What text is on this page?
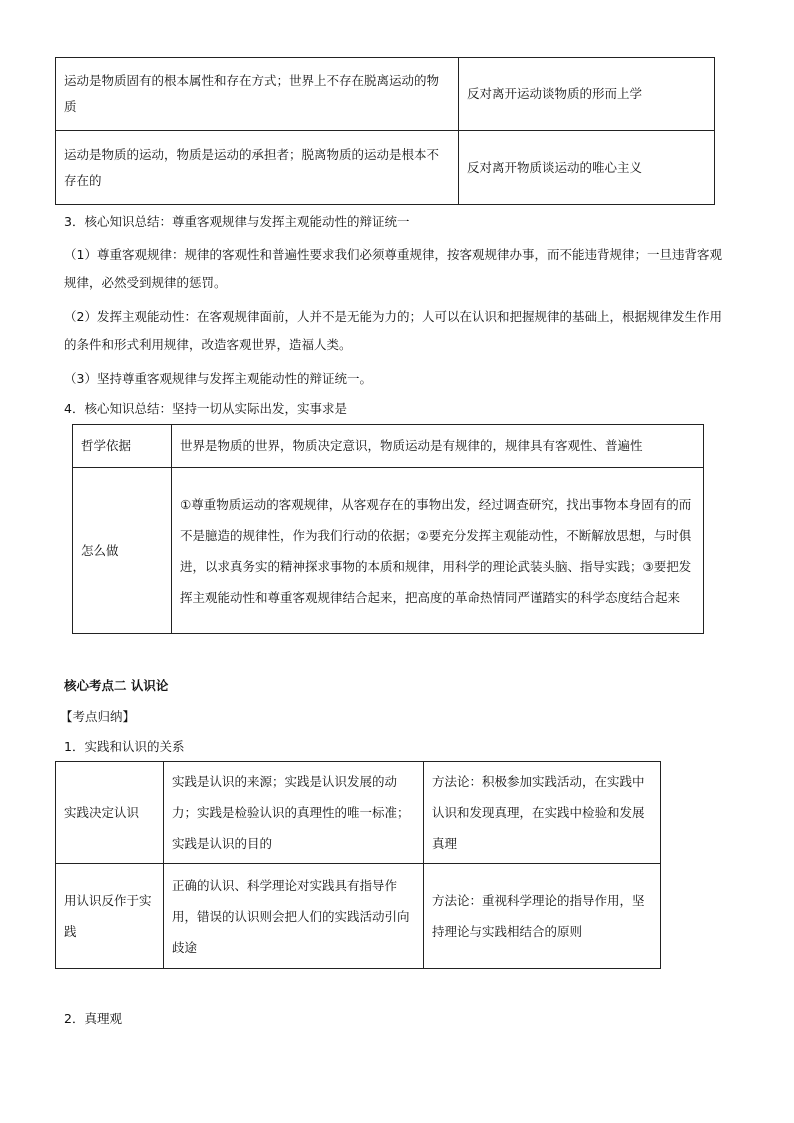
运动是物质固有的根本属性和存在方式；世界上不存在脱离运动的物质	反对离开运动谈物质的形而上学
运动是物质的运动，物质是运动的承担者；脱离物质的运动是根本不存在的	反对离开物质谈运动的唯心主义
3．核心知识总结：尊重客观规律与发挥主观能动性的辩证统一
（1）尊重客观规律：规律的客观性和普遍性要求我们必须尊重规律，按客观规律办事，而不能违背规律；一旦违背客观规律，必然受到规律的惩罚。
（2）发挥主观能动性：在客观规律面前，人并不是无能为力的；人可以在认识和把握规律的基础上，根据规律发生作用的条件和形式利用规律，改造客观世界，造福人类。
（3）坚持尊重客观规律与发挥主观能动性的辩证统一。
4．核心知识总结：坚持一切从实际出发，实事求是
哲学依据	世界是物质的世界，物质决定意识，物质运动是有规律的，规律具有客观性、普遍性
怎么做	①尊重物质运动的客观规律，从客观存在的事物出发，经过调查研究，找出事物本身固有的而不是臆造的规律性，作为我们行动的依据；②要充分发挥主观能动性，不断解放思想，与时俱进，以求真务实的精神探求事物的本质和规律，用科学的理论武装头脑、指导实践；③要把发挥主观能动性和尊重客观规律结合起来，把高度的革命热情同严谨踏实的科学态度结合起来
核心考点二 认识论
【考点归纳】
1．实践和认识的关系
实践决定认识	实践是认识的来源；实践是认识发展的动力；实践是检验认识的真理性的唯一标准；实践是认识的目的	方法论：积极参加实践活动，在实践中认识和发现真理，在实践中检验和发展真理
用认识反作于实践	正确的认识、科学理论对实践具有指导作用，错误的认识则会把人们的实践活动引向歧途	方法论：重视科学理论的指导作用，坚持理论与实践相结合的原则
2．真理观
